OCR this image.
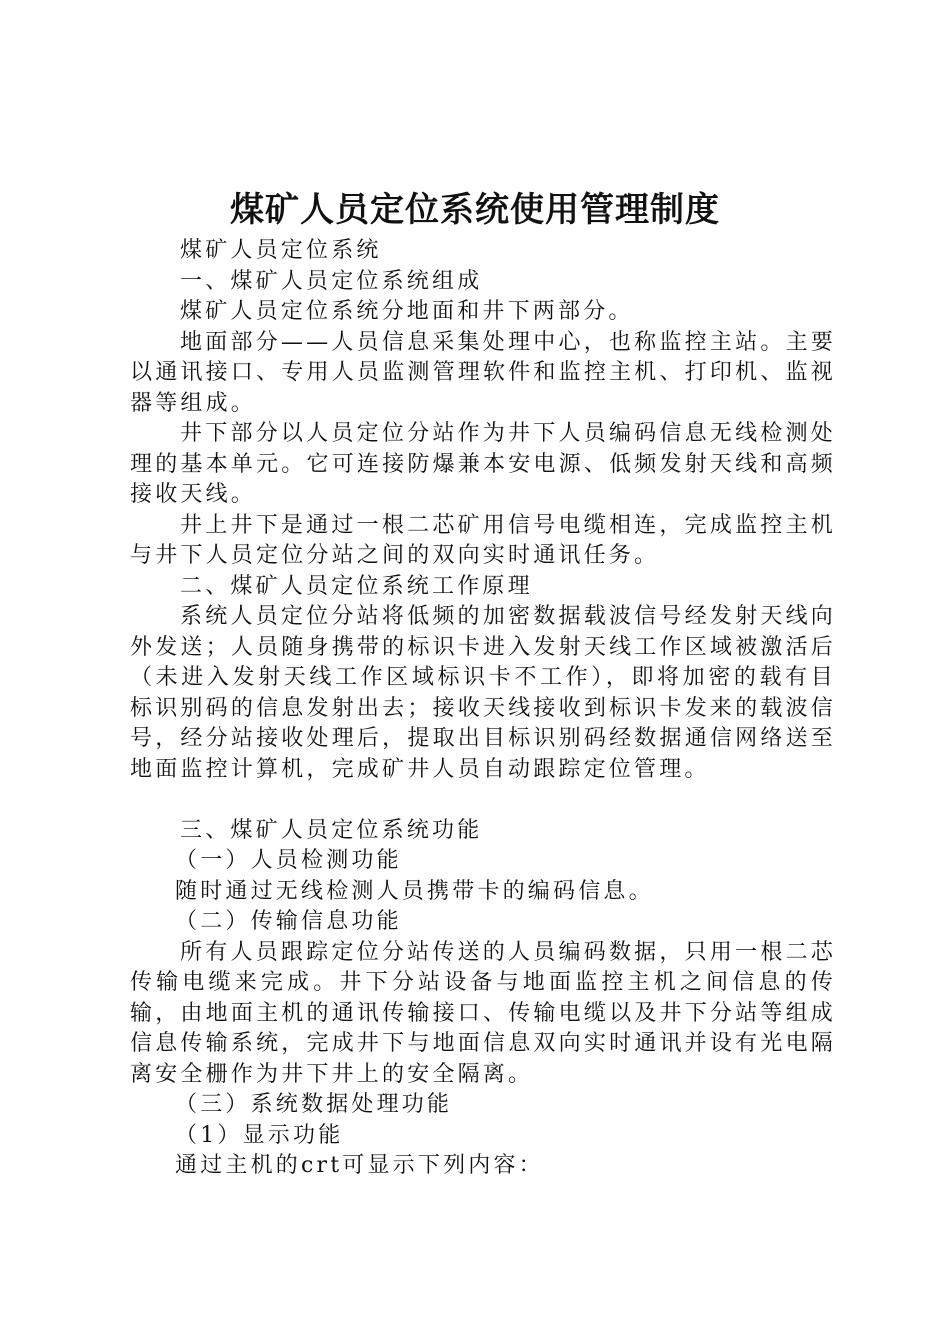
煤矿人员定位系统使用管理制度

煤矿人员定位系统

一、煤矿人员定位系统组成

煤矿人员定位系统分地面和井下两部分。

地面部分——人员信息采集处理中心，也称监控主站。主要以通讯接口、专用人员监测管理软件和监控主机、打印机、监视器等组成。

井下部分以人员定位分站作为井下人员编码信息无线检测处理的基本单元。它可连接防爆兼本安电源、低频发射天线和高频接收天线。

井上井下是通过一根二芯矿用信号电缆相连，完成监控主机与井下人员定位分站之间的双向实时通讯任务。

二、煤矿人员定位系统工作原理

系统人员定位分站将低频的加密数据载波信号经发射天线向外发送；人员随身携带的标识卡进入发射天线工作区域被激活后（未进入发射天线工作区域标识卡不工作），即将加密的载有目标识别码的信息发射出去；接收天线接收到标识卡发来的载波信号，经分站接收处理后，提取出目标识别码经数据通信网络送至地面监控计算机，完成矿井人员自动跟踪定位管理。

三、煤矿人员定位系统功能

（一）人员检测功能

随时通过无线检测人员携带卡的编码信息。

（二）传输信息功能

所有人员跟踪定位分站传送的人员编码数据，只用一根二芯传输电缆来完成。井下分站设备与地面监控主机之间信息的传输，由地面主机的通讯传输接口、传输电缆以及井下分站等组成信息传输系统，完成井下与地面信息双向实时通讯并设有光电隔离安全栅作为井下井上的安全隔离。

（三）系统数据处理功能

（1）显示功能

通过主机的crt可显示下列内容：
